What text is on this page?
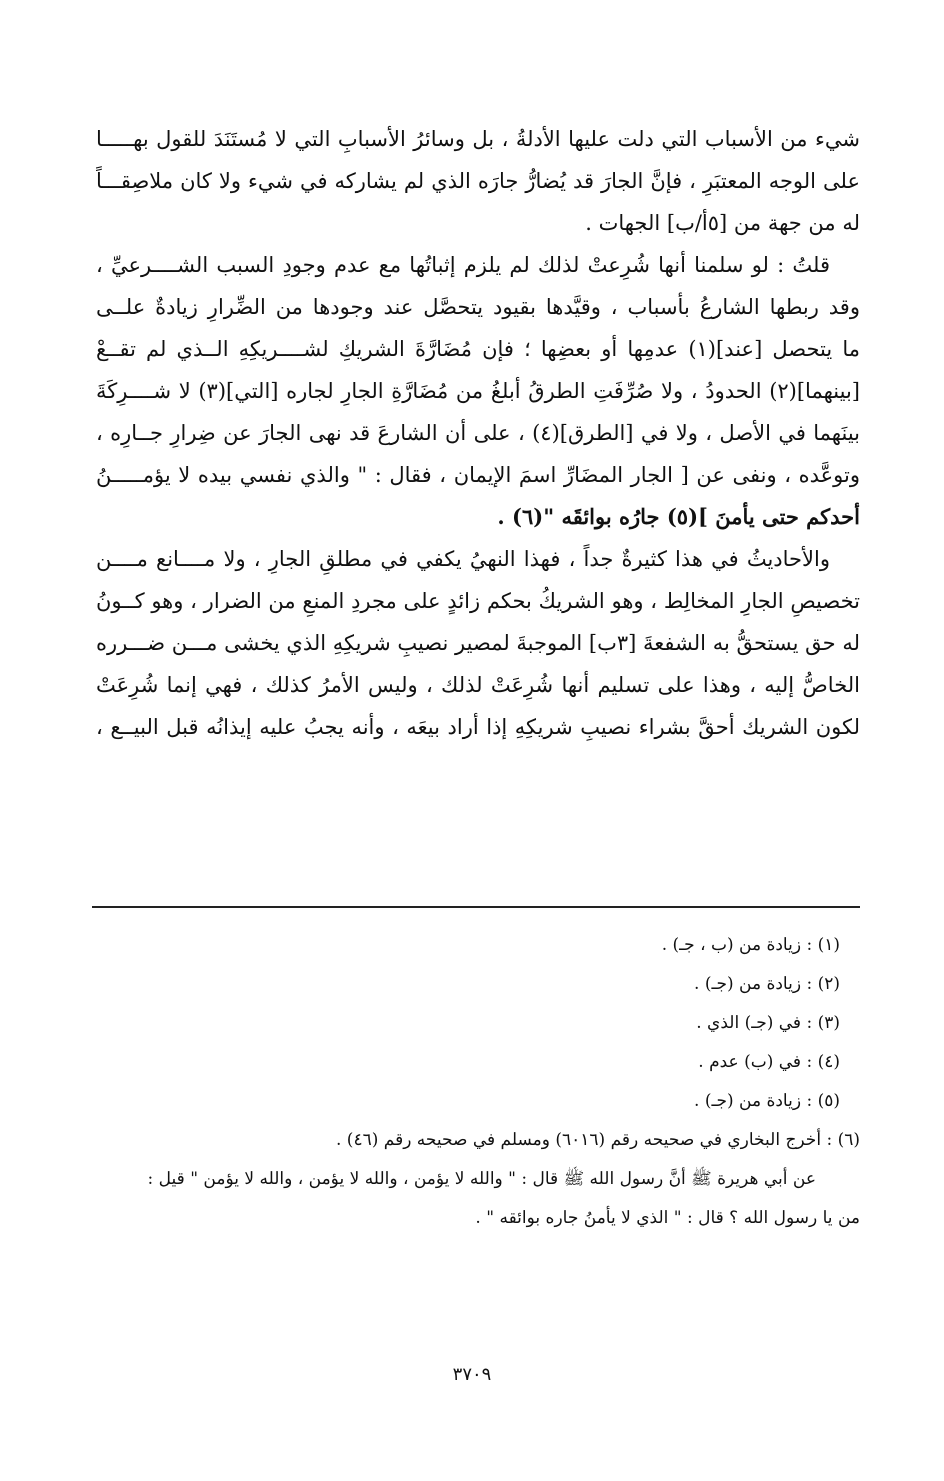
شيء من الأسباب التي دلت عليها الأدلةُ ، بل وسائرُ الأسبابِ التي لا مُستَنَدَ للقول بهـــــا
على الوجه المعتبَرِ ، فإنَّ الجارَ قد يُضارُّ جارَه الذي لم يشاركه في شيء ولا كان ملاصِقـــاً
له من جهة من [٥أ/ب] الجهات .
قلتُ : لو سلمنا أنها شُرِعتْ لذلك لم يلزم إثباتُها مع عدم وجودِ السبب الشــــرعيِّ ،
وقد ربطها الشارعُ بأسباب ، وقيَّدها بقيود يتحصَّل عند وجودها من الضِّرارِ زيادةٌ علــى
ما يتحصل [عند](١) عدمِها أو بعضِها ؛ فإن مُضَارَّةَ الشريكِ لشــــريكِهِ الــذي لم تقــعْ
[بينهما](٢) الحدودُ ، ولا صُرِّفَتِ الطرقُ أبلغُ من مُضَارَّةِ الجارِ لجاره [التي](٣) لا شــــرِكَةَ
بينَهما في الأصل ، ولا في [الطرق](٤) ، على أن الشارعَ قد نهى الجارَ عن ضِرارِ جــارِه ،
وتوعَّده ، ونفى عن [ الجار المضَارِّ اسمَ الإيمان ، فقال : " والذي نفسي بيده لا يؤمـــــنُ
أحدكم حتى يأمنَ ](٥) جارُه بوائقَه "(٦) .
والأحاديثُ في هذا كثيرةٌ جداً ، فهذا النهيُ يكفي في مطلقِ الجارِ ، ولا مــــانع مــــن
تخصيصِ الجارِ المخالِط ، وهو الشريكُ بحكم زائدٍ على مجردِ المنعِ من الضرار ، وهو كــونُ
له حق يستحقُّ به الشفعةَ [٣ب] الموجبةَ لمصير نصيبِ شريكِهِ الذي يخشى مـــن ضـــرره
الخاصُّ إليه ، وهذا على تسليم أنها شُرِعَتْ لذلك ، وليس الأمرُ كذلك ، فهي إنما شُرِعَتْ
لكون الشريك أحقَّ بشراء نصيبِ شريكِهِ إذا أراد بيعَه ، وأنه يجبُ عليه إيذانُه قبل البيــع ،
(١) : زيادة من (ب ، جـ) .
(٢) : زيادة من (جـ) .
(٣) : في (جـ) الذي .
(٤) : في (ب) عدم .
(٥) : زيادة من (جـ) .
(٦) : أخرج البخاري في صحيحه رقم (٦٠١٦) ومسلم في صحيحه رقم (٤٦) .
عن أبي هريرة ﷺ أنَّ رسول الله ﷺ قال : " والله لا يؤمن ، والله لا يؤمن ، والله لا يؤمن " قيل :
من يا رسول الله ؟ قال : " الذي لا يأمنُ جاره بوائقه " .
٣٧٠٩
